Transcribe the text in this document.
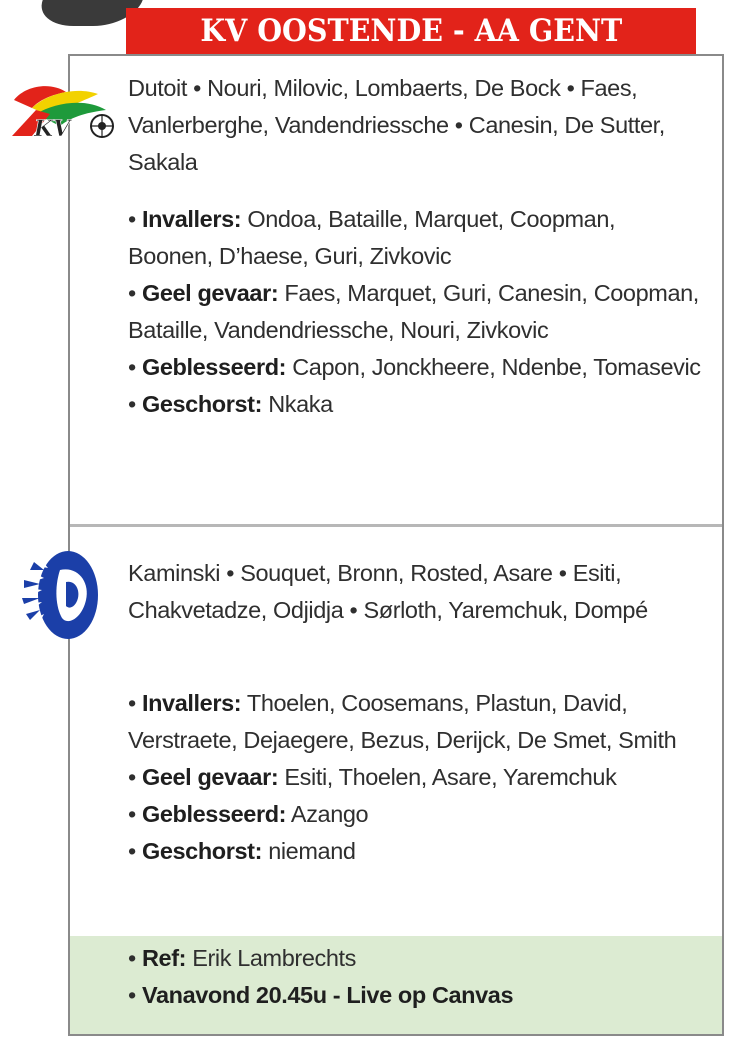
KV OOSTENDE - AA GENT
Dutoit • Nouri, Milovic, Lombaerts, De Bock • Faes, Vanlerberghe, Vandendriessche • Canesin, De Sutter, Sakala

• Invallers: Ondoa, Bataille, Marquet, Coopman, Boonen, D’haese, Guri, Zivkovic

• Geel gevaar: Faes, Marquet, Guri, Canesin, Coopman, Bataille, Vandendriessche, Nouri, Zivkovic

• Geblesseerd: Capon, Jonckheere, Ndenbe, Tomasevic

• Geschorst: Nkaka

Kaminski • Souquet, Bronn, Rosted, Asare • Esiti, Chakvetadze, Odjidja • Sørloth, Yaremchuk, Dompé

• Invallers: Thoelen, Coosemans, Plastun, David, Verstraete, Dejaegere, Bezus, Derijck, De Smet, Smith

• Geel gevaar: Esiti, Thoelen, Asare, Yaremchuk

• Geblesseerd: Azango

• Geschorst: niemand

• Ref: Erik Lambrechts

• Vanavond 20.45u - Live op Canvas

KV
